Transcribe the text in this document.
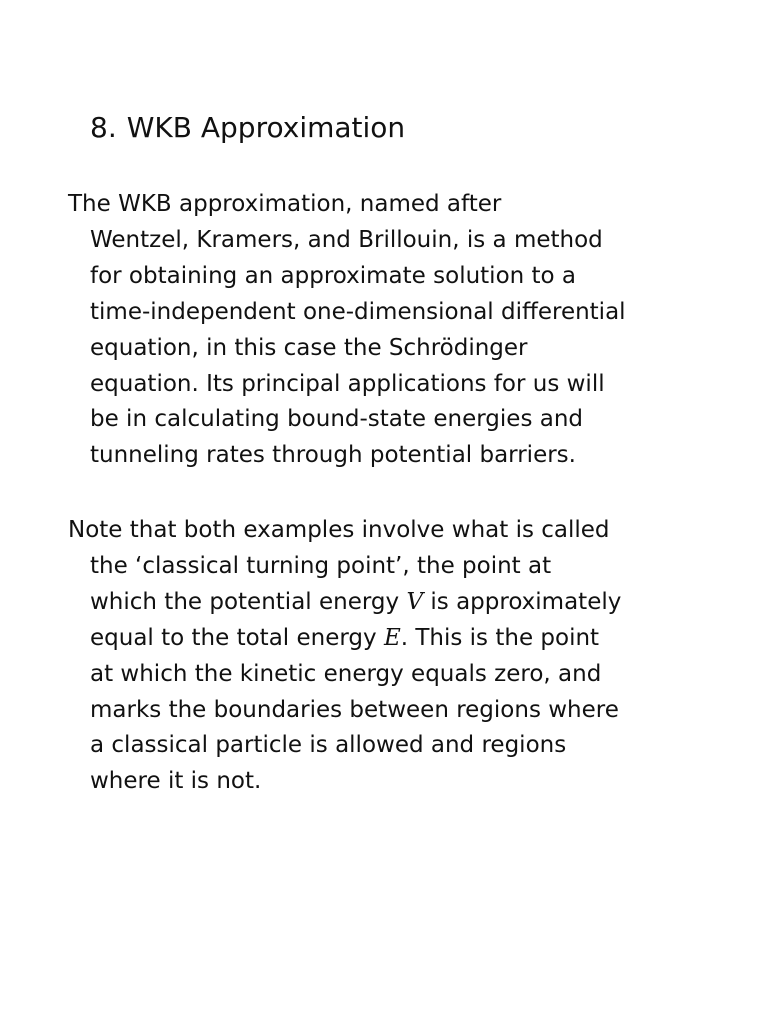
8. WKB Approximation
The WKB approximation, named after
Wentzel, Kramers, and Brillouin, is a method
for obtaining an approximate solution to a
time-independent one-dimensional differential
equation, in this case the Schrödinger
equation. Its principal applications for us will
be in calculating bound-state energies and
tunneling rates through potential barriers.
Note that both examples involve what is called
the ‘classical turning point’, the point at
which the potential energy V is approximately
equal to the total energy E. This is the point
at which the kinetic energy equals zero, and
marks the boundaries between regions where
a classical particle is allowed and regions
where it is not.
